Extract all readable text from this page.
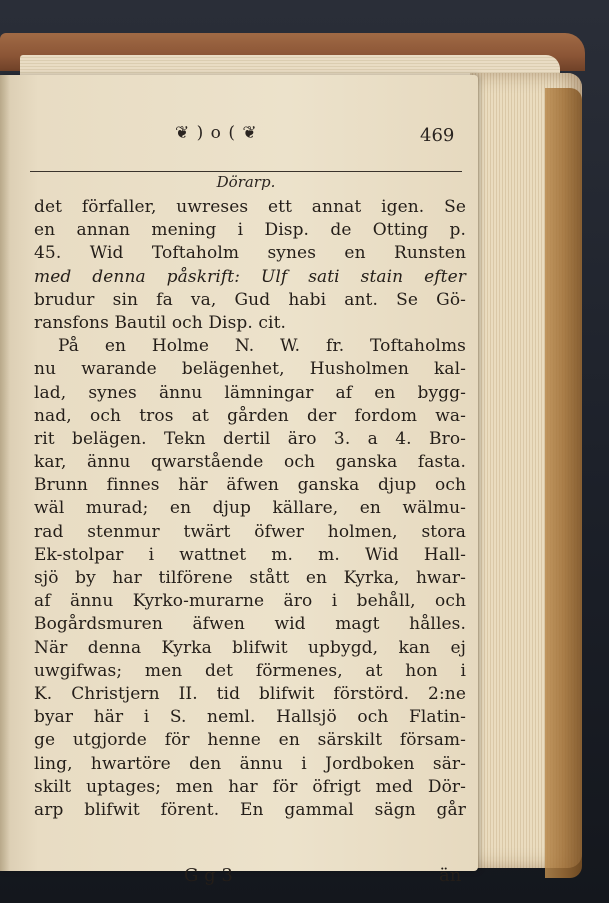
❦ ) o ( ❦	469
Dörarp.
det förfaller, uwreses ett annat igen. Se
en annan mening i Disp. de Otting p.
45. Wid Toftaholm synes en Runsten
med denna påskrift: Ulf sati stain efter
brudur sin fa va, Gud habi ant. Se Gö-
ransfons Bautil och Disp. cit.
På en Holme N. W. fr. Toftaholms
nu warande belägenhet, Husholmen kal-
lad, synes ännu lämningar af en bygg-
nad, och tros at gården der fordom wa-
rit belägen. Tekn dertil äro 3. a 4. Bro-
kar, ännu qwarstående och ganska fasta.
Brunn finnes här äfwen ganska djup och
wäl murad; en djup källare, en wälmu-
rad stenmur twärt öfwer holmen, stora
Ek-stolpar i wattnet m. m. Wid Hall-
sjö by har tilförene stått en Kyrka, hwar-
af ännu Kyrko-murarne äro i behåll, och
Bogårdsmuren äfwen wid magt hålles.
När denna Kyrka blifwit upbygd, kan ej
uwgifwas; men det förmenes, at hon i
K. Christjern II. tid blifwit förstörd. 2:ne
byar här i S. neml. Hallsjö och Flatin-
ge utgjorde för henne en särskilt försam-
ling, hwartöre den ännu i Jordboken sär-
skilt uptages; men har för öfrigt med Dör-
arp blifwit förent. En gammal sägn går
G g 3	än
